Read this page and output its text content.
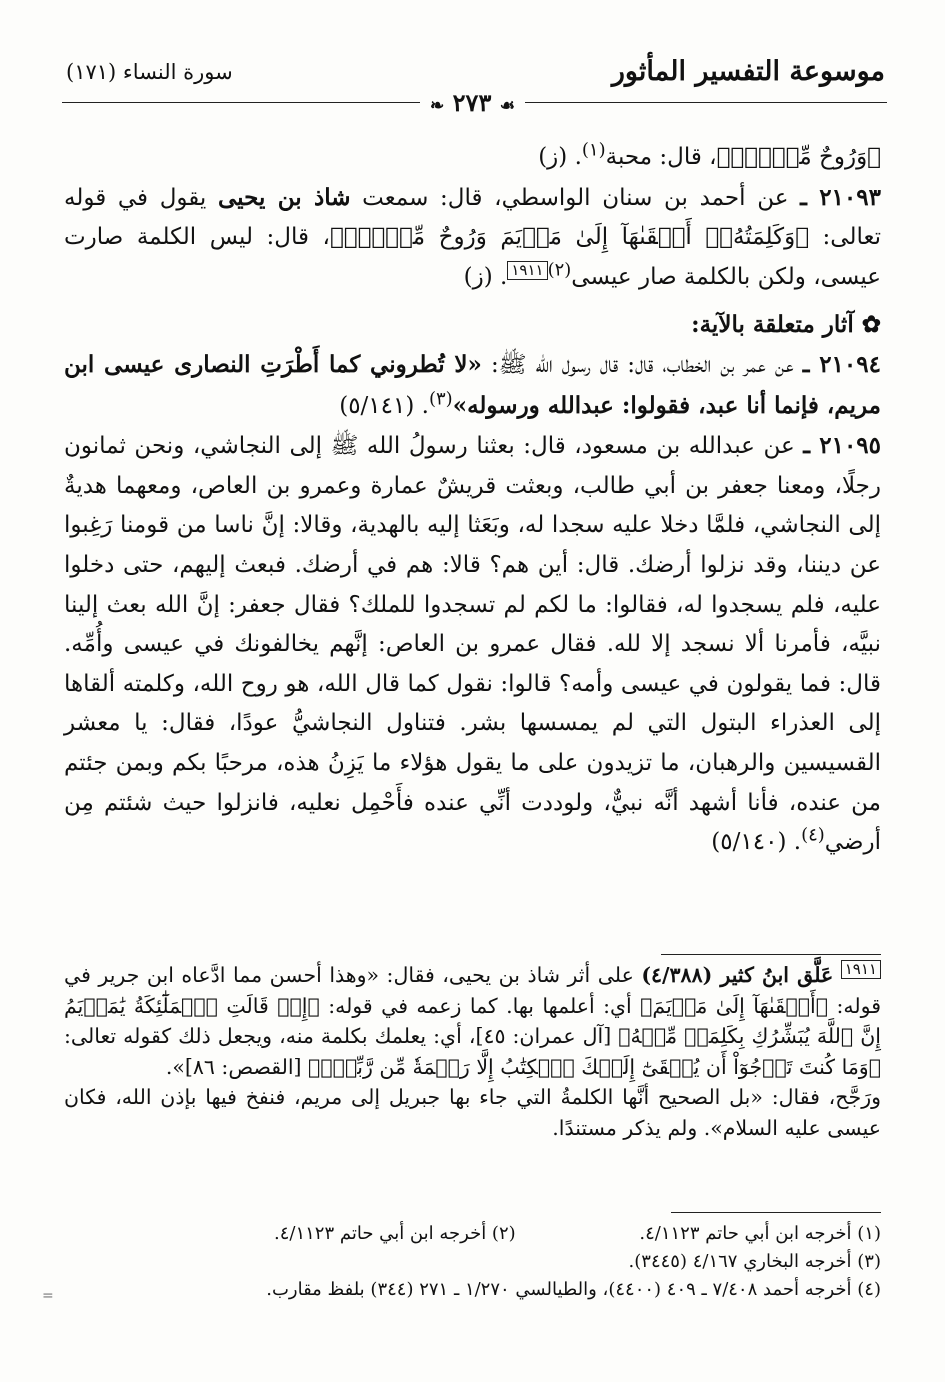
موسوعة التفسير المأثور
سورة النساء (١٧١)
☙ ٢٧٣ ❧

﴿وَرُوحٌ مِّنۡهُۖ﴾، قال: محبة$^{(١)}$. (ز)

٢١٠٩٣ ـ عن أحمد بن سنان الواسطي، قال: سمعت شاذ بن يحيى يقول في قوله تعالى: ﴿وَكَلِمَتُهُۥٓ أَلۡقَىٰهَآ إِلَىٰ مَرۡيَمَ وَرُوحٌ مِّنۡهُۖ﴾، قال: ليس الكلمة صارت عيسى، ولكن بالكلمة صار عيسى$^{(٢)}$١٩١١. (ز)

✿ آثار متعلقة بالآية:

٢١٠٩٤ ـ عن عمر بن الخطاب، قال: قال رسول الله ﷺ: «لا تُطروني كما أَطْرَتِ النصارى عيسى ابن مريم، فإنما أنا عبد، فقولوا: عبدالله ورسوله»$^{(٣)}$. (٥/١٤١)

٢١٠٩٥ ـ عن عبدالله بن مسعود، قال: بعثنا رسولُ الله ﷺ إلى النجاشي، ونحن ثمانون رجلًا، ومعنا جعفر بن أبي طالب، وبعثت قريشٌ عمارة وعمرو بن العاص، ومعهما هديةٌ إلى النجاشي، فلمَّا دخلا عليه سجدا له، وبَعَثا إليه بالهدية، وقالا: إنَّ ناسا من قومنا رَغِبوا عن ديننا، وقد نزلوا أرضك. قال: أين هم؟ قالا: هم في أرضك. فبعث إليهم، حتى دخلوا عليه، فلم يسجدوا له، فقالوا: ما لكم لم تسجدوا للملك؟ فقال جعفر: إنَّ الله بعث إلينا نبيَّه، فأمرنا ألا نسجد إلا لله. فقال عمرو بن العاص: إنَّهم يخالفونك في عيسى وأُمِّه. قال: فما يقولون في عيسى وأمه؟ قالوا: نقول كما قال الله، هو روح الله، وكلمته ألقاها إلى العذراء البتول التي لم يمسسها بشر. فتناول النجاشيُّ عودًا، فقال: يا معشر القسيسين والرهبان، ما تزيدون على ما يقول هؤلاء ما يَزِنُ هذه، مرحبًا بكم وبمن جئتم من عنده، فأنا أشهد أنَّه نبيٌّ، ولوددت أنِّي عنده فأَحْمِل نعليه، فانزلوا حيث شئتم مِن أرضي$^{(٤)}$. (٥/١٤٠)

١٩١١ عَلَّق ابنُ كثير (٤/٣٨٨) على أثر شاذ بن يحيى، فقال: «وهذا أحسن مما ادَّعاه ابن جرير في قوله: ﴿أَلۡقَىٰهَآ إِلَىٰ مَرۡيَمَ﴾ أي: أعلمها بها. كما زعمه في قوله: ﴿إِذۡ قَالَتِ ٱلۡمَلَٰٓئِكَةُ يَٰمَرۡيَمُ إِنَّ ٱللَّهَ يُبَشِّرُكِ بِكَلِمَةٖ مِّنۡهُ﴾ [آل عمران: ٤٥]، أي: يعلمك بكلمة منه، ويجعل ذلك كقوله تعالى: ﴿وَمَا كُنتَ تَرۡجُوٓاْ أَن يُلۡقَىٰٓ إِلَيۡكَ ٱلۡكِتَٰبُ إِلَّا رَحۡمَةٗ مِّن رَّبِّكَۖ﴾ [القصص: ٨٦]».

ورَجَّح، فقال: «بل الصحيح أنَّها الكلمةُ التي جاء بها جبريل إلى مريم، فنفخ فيها بإذن الله، فكان عيسى عليه السلام». ولم يذكر مستندًا.

(١) أخرجه ابن أبي حاتم ٤/١١٢٣.
(٢) أخرجه ابن أبي حاتم ٤/١١٢٣.
(٣) أخرجه البخاري ٤/١٦٧ (٣٤٤٥).
(٤) أخرجه أحمد ٧/٤٠٨ ـ ٤٠٩ (٤٤٠٠)، والطيالسي ١/٢٧٠ ـ ٢٧١ (٣٤٤) بلفظ مقارب.
=
